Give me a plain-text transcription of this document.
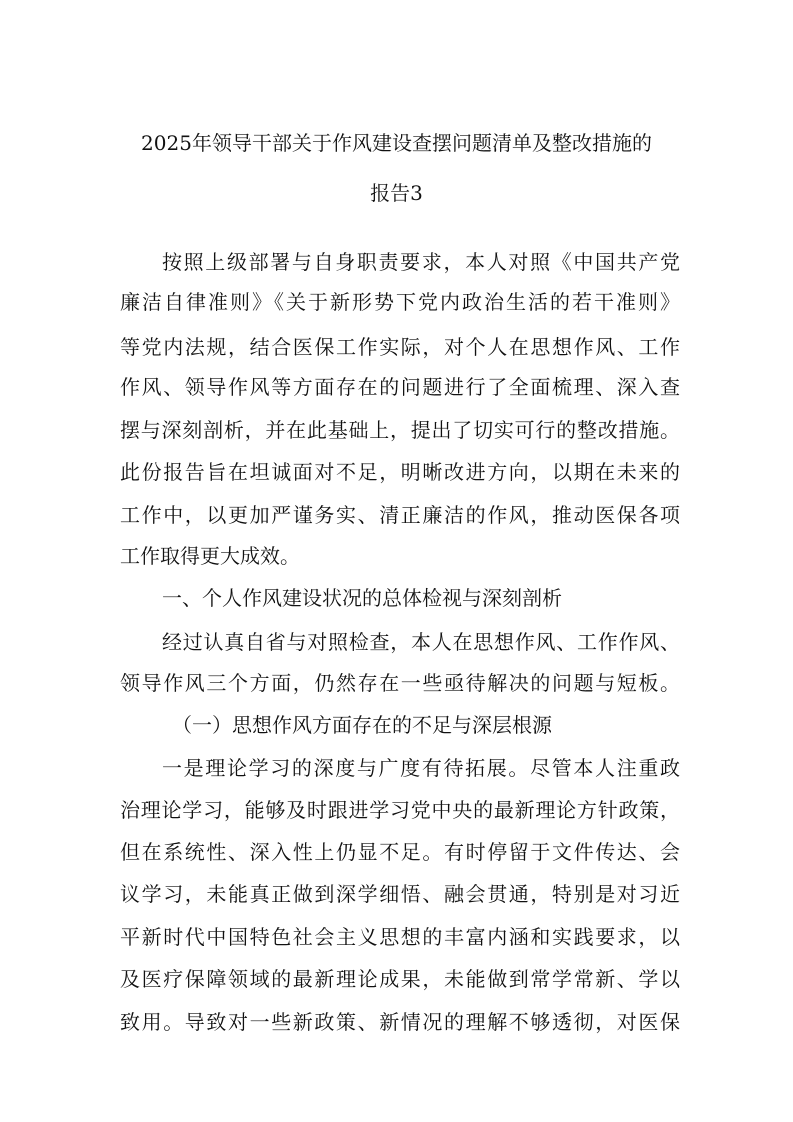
2025年领导干部关于作风建设查摆问题清单及整改措施的
报告3
按照上级部署与自身职责要求，本人对照《中国共产党
廉洁自律准则》《关于新形势下党内政治生活的若干准则》
等党内法规，结合医保工作实际，对个人在思想作风、工作
作风、领导作风等方面存在的问题进行了全面梳理、深入查
摆与深刻剖析，并在此基础上，提出了切实可行的整改措施。
此份报告旨在坦诚面对不足，明晰改进方向，以期在未来的
工作中，以更加严谨务实、清正廉洁的作风，推动医保各项
工作取得更大成效。
一、个人作风建设状况的总体检视与深刻剖析
经过认真自省与对照检查，本人在思想作风、工作作风、
领导作风三个方面，仍然存在一些亟待解决的问题与短板。
（一）思想作风方面存在的不足与深层根源
一是理论学习的深度与广度有待拓展。尽管本人注重政
治理论学习，能够及时跟进学习党中央的最新理论方针政策，
但在系统性、深入性上仍显不足。有时停留于文件传达、会
议学习，未能真正做到深学细悟、融会贯通，特别是对习近
平新时代中国特色社会主义思想的丰富内涵和实践要求，以
及医疗保障领域的最新理论成果，未能做到常学常新、学以
致用。导致对一些新政策、新情况的理解不够透彻，对医保
